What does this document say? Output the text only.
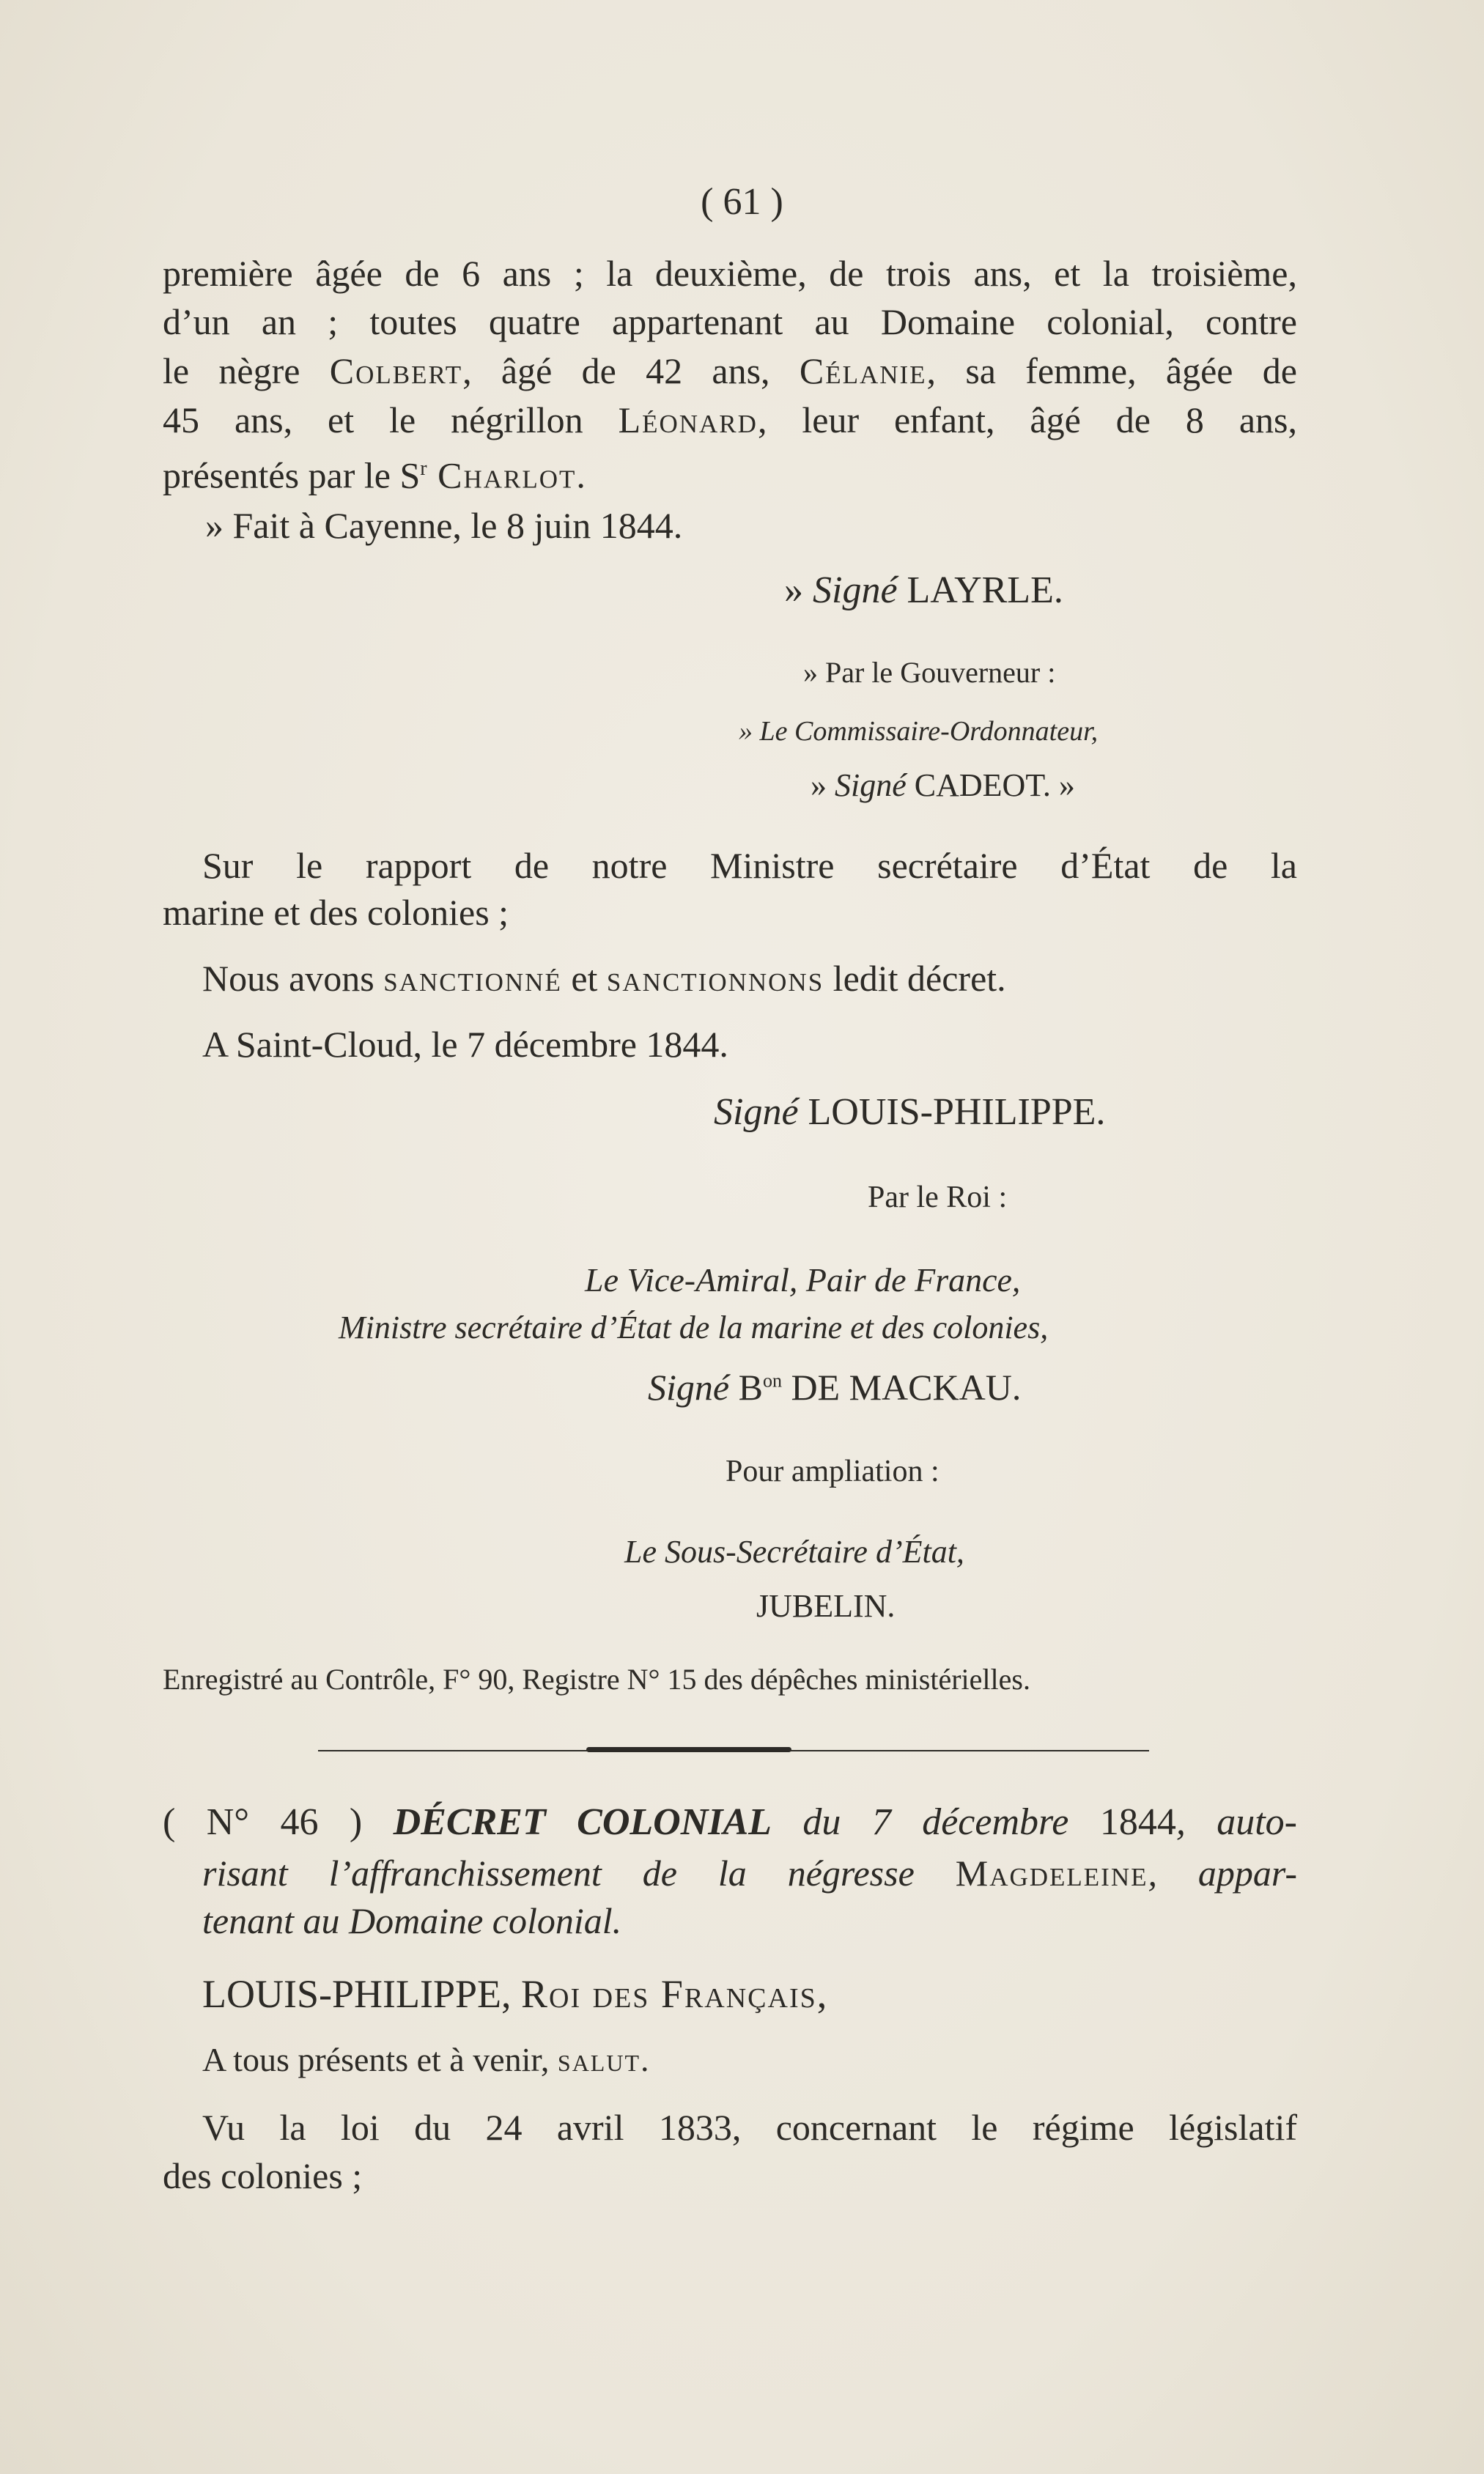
( 61 )
première âgée de 6 ans ; la deuxième, de trois ans, et la troisième,
d’un an ; toutes quatre appartenant au Domaine colonial, contre
le nègre Colbert, âgé de 42 ans, Célanie, sa femme, âgée de
45 ans, et le négrillon Léonard, leur enfant, âgé de 8 ans,
présentés par le $S^r$ Charlot.
» Fait à Cayenne, le 8 juin 1844.
» Signé LAYRLE.
» Par le Gouverneur :
» Le Commissaire-Ordonnateur,
» Signé CADEOT. »
Sur le rapport de notre Ministre secrétaire d’État de la
marine et des colonies ;
Nous avons sanctionné et sanctionnons ledit décret.
A Saint-Cloud, le 7 décembre 1844.
Signé LOUIS-PHILIPPE.
Par le Roi :
Le Vice-Amiral, Pair de France,
Ministre secrétaire d’État de la marine et des colonies,
Signé $B^{on}$ DE MACKAU.
Pour ampliation :
Le Sous-Secrétaire d’État,
JUBELIN.
Enregistré au Contrôle, F° 90, Registre N° 15 des dépêches ministérielles.
( N° 46 ) DÉCRET COLONIAL du 7 décembre 1844, auto-
risant l’affranchissement de la négresse Magdeleine, appar-
tenant au Domaine colonial.
LOUIS-PHILIPPE, Roi des Français,
A tous présents et à venir, salut.
Vu la loi du 24 avril 1833, concernant le régime législatif
des colonies ;
